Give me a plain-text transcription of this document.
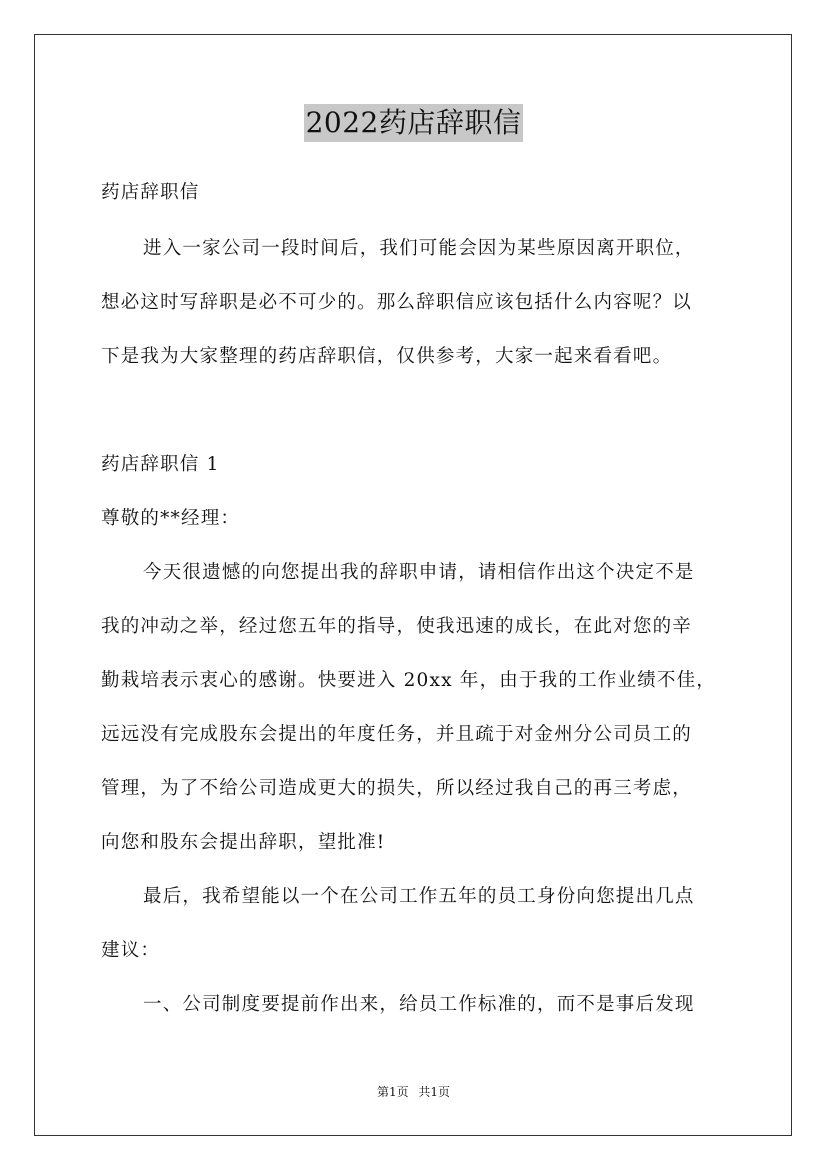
2022药店辞职信
药店辞职信
进入一家公司一段时间后，我们可能会因为某些原因离开职位，
想必这时写辞职是必不可少的。那么辞职信应该包括什么内容呢？以
下是我为大家整理的药店辞职信，仅供参考，大家一起来看看吧。
药店辞职信 1
尊敬的**经理：
今天很遗憾的向您提出我的辞职申请，请相信作出这个决定不是
我的冲动之举，经过您五年的指导，使我迅速的成长，在此对您的辛
勤栽培表示衷心的感谢。快要进入 20xx 年，由于我的工作业绩不佳，
远远没有完成股东会提出的年度任务，并且疏于对金州分公司员工的
管理，为了不给公司造成更大的损失，所以经过我自己的再三考虑，
向您和股东会提出辞职，望批准!
最后，我希望能以一个在公司工作五年的员工身份向您提出几点
建议：
一、公司制度要提前作出来，给员工作标准的，而不是事后发现
第1页 共1页
